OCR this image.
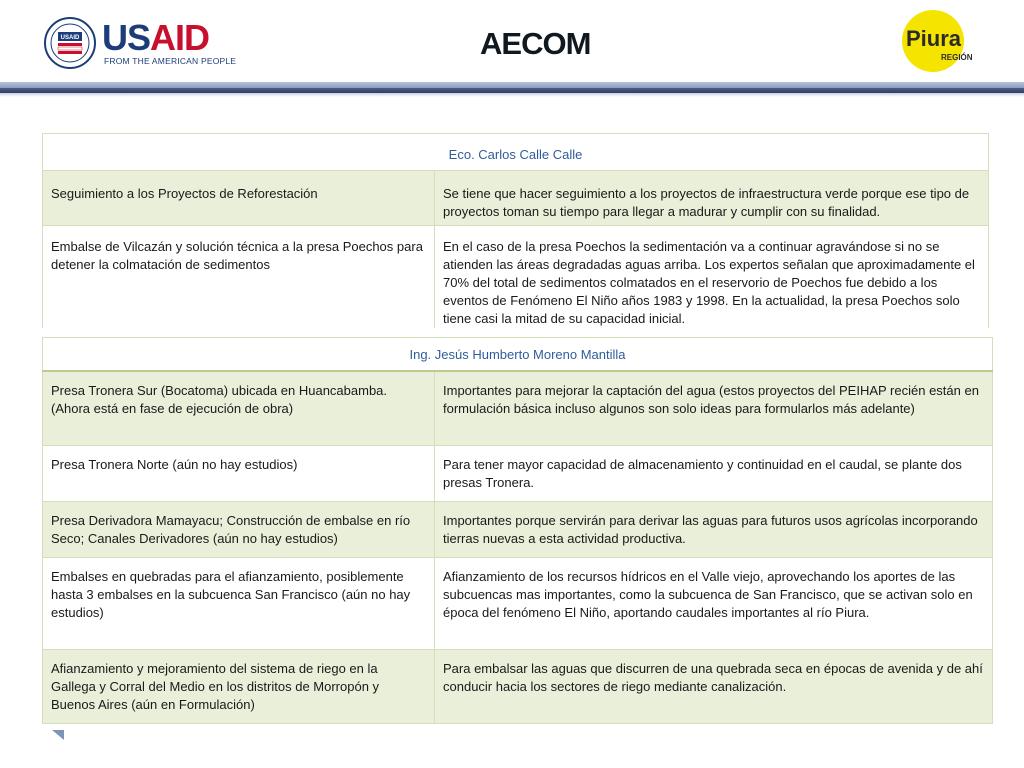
USAID USAID
FROM THE AMERICAN PEOPLE	AECOM	Piura
REGIÓN
Eco. Carlos Calle Calle	
Seguimiento a los Proyectos de Reforestación	Se tiene que hacer seguimiento a los proyectos de infraestructura verde porque ese tipo de proyectos toman su tiempo para llegar a madurar y cumplir con su finalidad.
Embalse de Vilcazán y solución técnica a la presa Poechos para detener la colmatación de sedimentos	En el caso de la presa Poechos la sedimentación va a continuar agravándose si no se atienden las áreas degradadas aguas arriba. Los expertos señalan que aproximadamente el 70% del total de sedimentos colmatados en el reservorio de Poechos fue debido a los eventos de Fenómeno El Niño años 1983 y 1998. En la actualidad, la presa Poechos solo tiene casi la mitad de su capacidad inicial.
Ing. Jesús Humberto Moreno Mantilla	
Presa Tronera Sur (Bocatoma) ubicada en Huancabamba. (Ahora está en fase de ejecución de obra)	Importantes para mejorar la captación del agua (estos proyectos del PEIHAP recién están en formulación básica incluso algunos son solo ideas para formularlos más adelante)
Presa Tronera Norte (aún no hay estudios)	Para tener mayor capacidad de almacenamiento y continuidad en el caudal, se plante dos presas Tronera.
Presa Derivadora Mamayacu; Construcción de embalse en río Seco; Canales Derivadores (aún no hay estudios)	Importantes porque servirán para derivar las aguas para futuros usos agrícolas incorporando tierras nuevas a esta actividad productiva.
Embalses en quebradas para el afianzamiento, posiblemente hasta 3 embalses en la subcuenca San Francisco (aún no hay estudios)	Afianzamiento de los recursos hídricos en el Valle viejo, aprovechando los aportes de las subcuencas mas importantes, como la subcuenca de San Francisco, que se activan solo en época del fenómeno El Niño, aportando caudales importantes al río Piura.
Afianzamiento y mejoramiento del sistema de riego en la Gallega y Corral del Medio en los distritos de Morropón y Buenos Aires (aún en Formulación)	Para embalsar las aguas que discurren de una quebrada seca en épocas de avenida y de ahí conducir hacia los sectores de riego mediante canalización.
